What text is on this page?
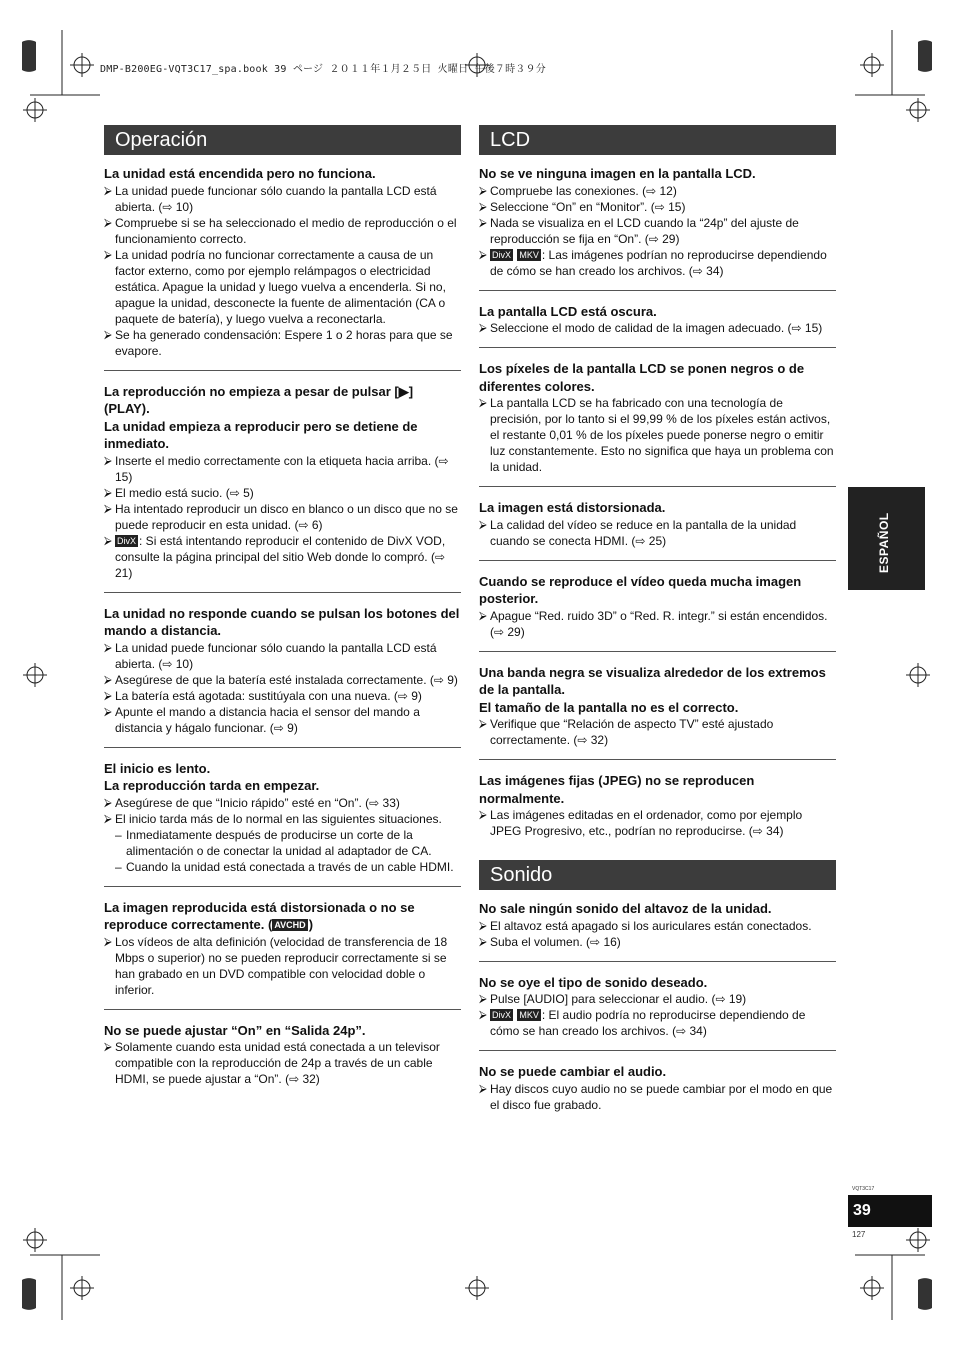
DMP-B200EG-VQT3C17_spa.book 39 ページ ２０１１年１月２５日 火曜日 午後７時３９分
Operación

La unidad está encendida pero no funciona.

⮚ La unidad puede funcionar sólo cuando la pantalla LCD está abierta. (⇨ 10)
⮚ Compruebe si se ha seleccionado el medio de reproducción o el funcionamiento correcto.
⮚ La unidad podría no funcionar correctamente a causa de un factor externo, como por ejemplo relámpagos o electricidad estática. Apague la unidad y luego vuelva a encenderla. Si no, apague la unidad, desconecte la fuente de alimentación (CA o paquete de batería), y luego vuelva a reconectarla.
⮚ Se ha generado condensación: Espere 1 o 2 horas para que se evapore.

La reproducción no empieza a pesar de pulsar [▶] (PLAY).

La unidad empieza a reproducir pero se detiene de inmediato.

⮚ Inserte el medio correctamente con la etiqueta hacia arriba. (⇨ 15)
⮚ El medio está sucio. (⇨ 5)
⮚ Ha intentado reproducir un disco en blanco o un disco que no se puede reproducir en esta unidad. (⇨ 6)
⮚ DivX : Si está intentando reproducir el contenido de DivX VOD, consulte la página principal del sitio Web donde lo compró. (⇨ 21)

La unidad no responde cuando se pulsan los botones del mando a distancia.

⮚ La unidad puede funcionar sólo cuando la pantalla LCD está abierta. (⇨ 10)
⮚ Asegúrese de que la batería esté instalada correctamente. (⇨ 9)
⮚ La batería está agotada: sustitúyala con una nueva. (⇨ 9)
⮚ Apunte el mando a distancia hacia el sensor del mando a distancia y hágalo funcionar. (⇨ 9)

El inicio es lento.

La reproducción tarda en empezar.

⮚ Asegúrese de que “Inicio rápido” esté en “On”. (⇨ 33)
⮚ El inicio tarda más de lo normal en las siguientes situaciones.
– Inmediatamente después de producirse un corte de la alimentación o de conectar la unidad al adaptador de CA.
– Cuando la unidad está conectada a través de un cable HDMI.

La imagen reproducida está distorsionada o no se reproduce correctamente. ( AVCHD )

⮚ Los vídeos de alta definición (velocidad de transferencia de 18 Mbps o superior) no se pueden reproducir correctamente si se han grabado en un DVD compatible con velocidad doble o inferior.

No se puede ajustar “On” en “Salida 24p”.

⮚ Solamente cuando esta unidad está conectada a un televisor compatible con la reproducción de 24p a través de un cable HDMI, se puede ajustar a “On”. (⇨ 32)
LCD

No se ve ninguna imagen en la pantalla LCD.

⮚ Compruebe las conexiones. (⇨ 12)
⮚ Seleccione “On” en “Monitor”. (⇨ 15)
⮚ Nada se visualiza en el LCD cuando la “24p” del ajuste de reproducción se fija en “On”. (⇨ 29)
⮚ DivX MKV : Las imágenes podrían no reproducirse dependiendo de cómo se han creado los archivos. (⇨ 34)

La pantalla LCD está oscura.

⮚ Seleccione el modo de calidad de la imagen adecuado. (⇨ 15)

Los píxeles de la pantalla LCD se ponen negros o de diferentes colores.

⮚ La pantalla LCD se ha fabricado con una tecnología de precisión, por lo tanto si el 99,99 % de los píxeles están activos, el restante 0,01 % de los píxeles puede ponerse negro o emitir luz constantemente. Esto no significa que haya un problema con la unidad.

La imagen está distorsionada.

⮚ La calidad del vídeo se reduce en la pantalla de la unidad cuando se conecta HDMI. (⇨ 25)

Cuando se reproduce el vídeo queda mucha imagen posterior.

⮚ Apague “Red. ruido 3D” o “Red. R. integr.” si están encendidos. (⇨ 29)

Una banda negra se visualiza alrededor de los extremos de la pantalla.

El tamaño de la pantalla no es el correcto.

⮚ Verifique que “Relación de aspecto TV” esté ajustado correctamente. (⇨ 32)

Las imágenes fijas (JPEG) no se reproducen normalmente.

⮚ Las imágenes editadas en el ordenador, como por ejemplo JPEG Progresivo, etc., podrían no reproducirse. (⇨ 34)
Sonido

No sale ningún sonido del altavoz de la unidad.

⮚ El altavoz está apagado si los auriculares están conectados.
⮚ Suba el volumen. (⇨ 16)

No se oye el tipo de sonido deseado.

⮚ Pulse [AUDIO] para seleccionar el audio. (⇨ 19)
⮚ DivX MKV : El audio podría no reproducirse dependiendo de cómo se han creado los archivos. (⇨ 34)

No se puede cambiar el audio.

⮚ Hay discos cuyo audio no se puede cambiar por el modo en que el disco fue grabado.
ESPAÑOL
VQT3C17
39
127
